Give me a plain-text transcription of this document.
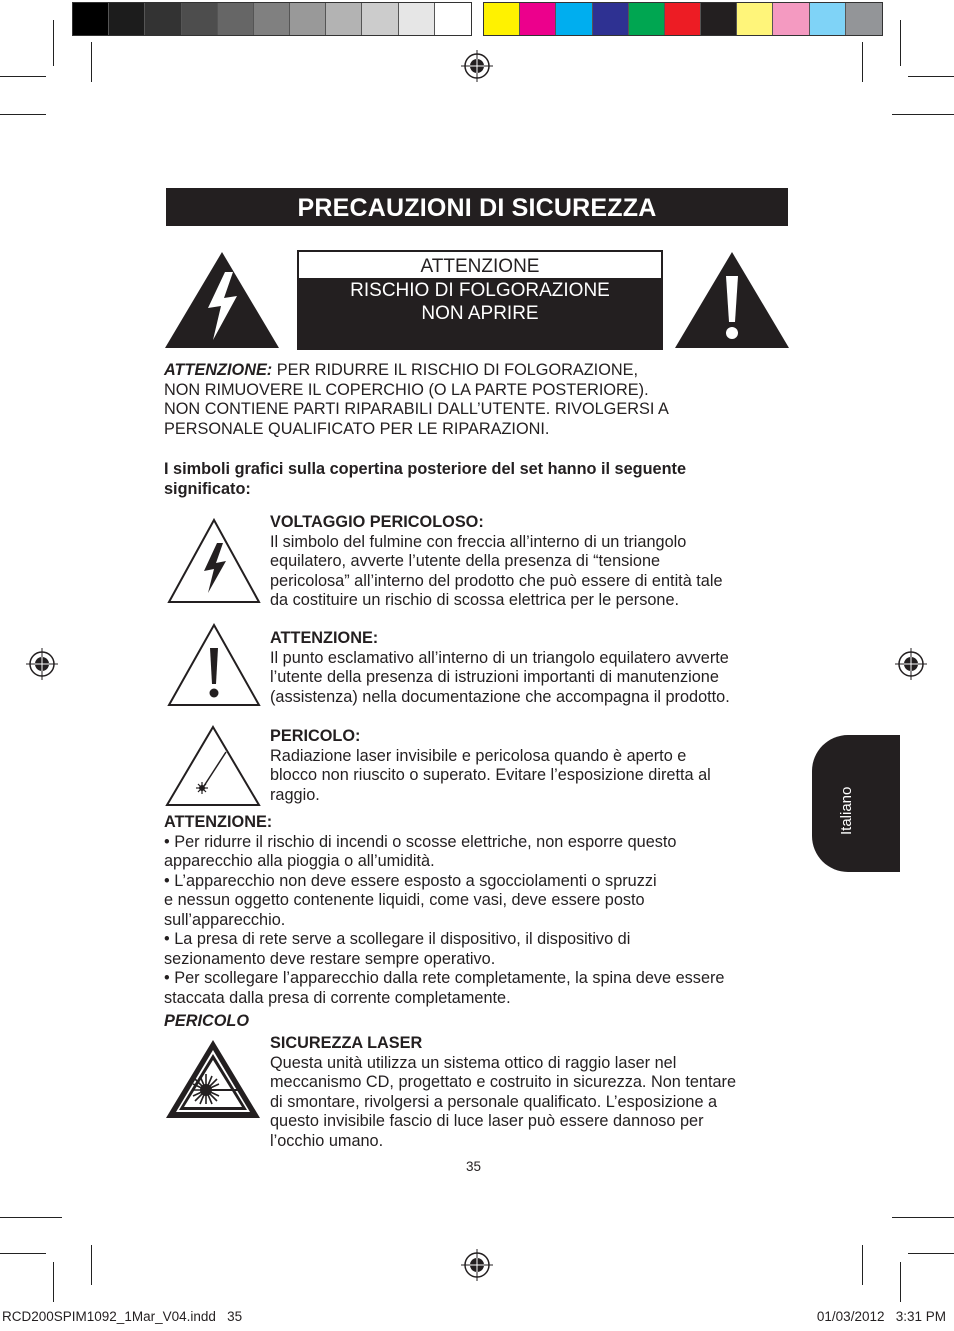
PRECAUZIONI DI SICUREZZA
ATTENZIONE
RISCHIO DI FOLGORAZIONE
NON APRIRE
ATTENZIONE: PER RIDURRE IL RISCHIO DI FOLGORAZIONE,
NON RIMUOVERE IL COPERCHIO (O LA PARTE POSTERIORE).
NON CONTIENE PARTI RIPARABILI DALL’UTENTE. RIVOLGERSI A
PERSONALE QUALIFICATO PER LE RIPARAZIONI.
I simboli grafici sulla copertina posteriore del set hanno il seguente
significato:
VOLTAGGIO PERICOLOSO:
Il simbolo del fulmine con freccia all’interno di un triangolo
equilatero, avverte l’utente della presenza di “tensione
pericolosa” all’interno del prodotto che può essere di entità tale
da costituire un rischio di scossa elettrica per le persone.
ATTENZIONE:
Il punto esclamativo all’interno di un triangolo equilatero avverte
l’utente della presenza di istruzioni importanti di manutenzione
(assistenza) nella documentazione che accompagna il prodotto.
PERICOLO:
Radiazione laser invisibile e pericolosa quando è aperto e
blocco non riuscito o superato. Evitare l’esposizione diretta al
raggio.
ATTENZIONE:
• Per ridurre il rischio di incendi o scosse elettriche, non esporre questo
apparecchio alla pioggia o all’umidità.
• L’apparecchio non deve essere esposto a sgocciolamenti o spruzzi
e nessun oggetto contenente liquidi, come vasi, deve essere posto
sull’apparecchio.
• La presa di rete serve a scollegare il dispositivo, il dispositivo di
sezionamento deve restare sempre operativo.
• Per scollegare l’apparecchio dalla rete completamente, la spina deve essere
staccata dalla presa di corrente completamente.
PERICOLO
SICUREZZA LASER
Questa unità utilizza un sistema ottico di raggio laser nel
meccanismo CD, progettato e costruito in sicurezza. Non tentare
di smontare, rivolgersi a personale qualificato. L’esposizione a
questo invisibile fascio di luce laser può essere dannoso per
l’occhio umano.
Italiano
35
RCD200SPIM1092_1Mar_V04.indd   35	01/03/2012   3:31 PM
